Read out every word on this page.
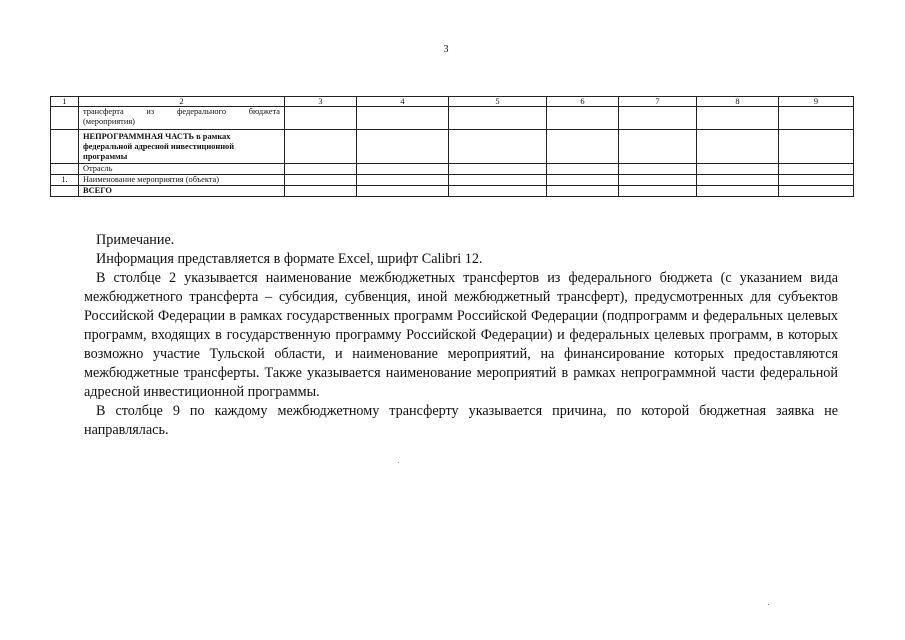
3
1	2	3	4	5	6	7	8	9

	трансферта из федерального бюджета
(мероприятия)							

	НЕПРОГРАММНАЯ ЧАСТЬ в рамках федеральной адресной инвестиционной программы							
	Отрасль							
1.	Наименование мероприятия (объекта)							
	ВСЕГО							
Примечание.
Информация представляется в формате Excel, шрифт Calibri 12.

В столбце 2 указывается наименование межбюджетных трансфертов из федерального бюджета (с указанием вида межбюджетного трансферта – субсидия, субвенция, иной межбюджетный трансферт), предусмотренных для субъектов Российской Федерации в рамках государственных программ Российской Федерации (подпрограмм и федеральных целевых программ, входящих в государственную программу Российской Федерации) и федеральных целевых программ, в которых возможно участие Тульской области, и наименование мероприятий, на финансирование которых предоставляются межбюджетные трансферты. Также указывается наименование мероприятий в рамках непрограммной части федеральной адресной инвестиционной программы.

В столбце 9 по каждому межбюджетному трансферту указывается причина, по которой бюджетная заявка не направлялась.
